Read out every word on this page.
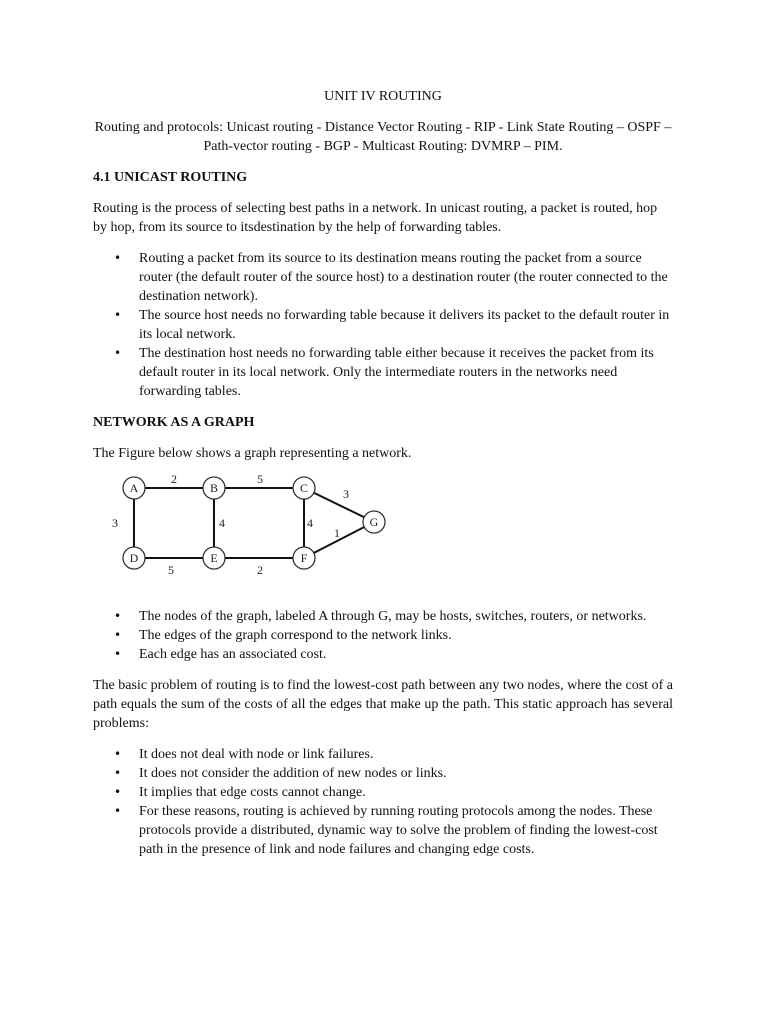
UNIT IV ROUTING

Routing and protocols: Unicast routing - Distance Vector Routing - RIP - Link State Routing – OSPF – Path-vector routing - BGP - Multicast Routing: DVMRP – PIM.

4.1 UNICAST ROUTING

Routing is the process of selecting best paths in a network. In unicast routing, a packet is routed, hop by hop, from its source to itsdestination by the help of forwarding tables.

• Routing a packet from its source to its destination means routing the packet from a source router (the default router of the source host) to a destination router (the router connected to the destination network).
• The source host needs no forwarding table because it delivers its packet to the default router in its local network.
• The destination host needs no forwarding table either because it receives the packet from its default router in its local network. Only the intermediate routers in the networks need forwarding tables.
NETWORK AS A GRAPH

The Figure below shows a graph representing a network.

2	5
3
3	4	4
1
5	2
A	B	C
D	E	F
G
• The nodes of the graph, labeled A through G, may be hosts, switches, routers, or networks.
• The edges of the graph correspond to the network links.
• Each edge has an associated cost.

The basic problem of routing is to find the lowest-cost path between any two nodes, where the cost of a path equals the sum of the costs of all the edges that make up the path. This static approach has several problems:

• It does not deal with node or link failures.
• It does not consider the addition of new nodes or links.
• It implies that edge costs cannot change.
• For these reasons, routing is achieved by running routing protocols among the nodes. These protocols provide a distributed, dynamic way to solve the problem of finding the lowest-cost path in the presence of link and node failures and changing edge costs.
